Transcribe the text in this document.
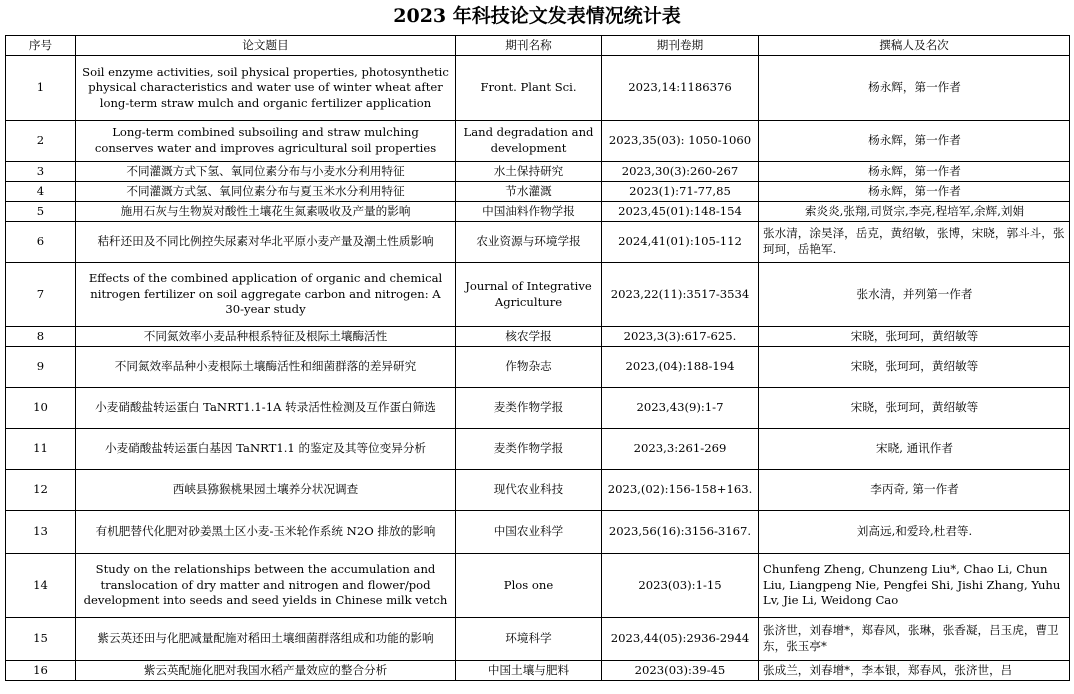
2023 年科技论文发表情况统计表
序号	论文题目	期刊名称	期刊卷期	撰稿人及名次
1	Soil enzyme activities, soil physical properties, photosynthetic physical characteristics and water use of winter wheat after long-term straw mulch and organic fertilizer application	Front. Plant Sci.	2023,14:1186376	杨永辉，第一作者
2	Long-term combined subsoiling and straw mulching conserves water and improves agricultural soil properties	Land degradation and development	2023,35(03): 1050-1060	杨永辉，第一作者
3	不同灌溉方式下氢、氧同位素分布与小麦水分利用特征	水土保持研究	2023,30(3):260-267	杨永辉，第一作者
4	不同灌溉方式氢、氧同位素分布与夏玉米水分利用特征	节水灌溉	2023(1):71-77,85	杨永辉，第一作者
5	施用石灰与生物炭对酸性土壤花生氮素吸收及产量的影响	中国油料作物学报	2023,45(01):148-154	索炎炎,张翔,司贤宗,李亮,程培军,余辉,刘娟
6	秸秆还田及不同比例控失尿素对华北平原小麦产量及潮土性质影响	农业资源与环境学报	2024,41(01):105-112	张水清，涂昊泽，岳克，黄绍敏，张博，宋晓，郭斗斗，张珂珂，岳艳军.
7	Effects of the combined application of organic and chemical nitrogen fertilizer on soil aggregate carbon and nitrogen: A 30-year study	Journal of Integrative Agriculture	2023,22(11):3517-3534	张水清，并列第一作者
8	不同氮效率小麦品种根系特征及根际土壤酶活性	核农学报	2023,3(3):617-625.	宋晓，张珂珂，黄绍敏等
9	不同氮效率品种小麦根际土壤酶活性和细菌群落的差异研究	作物杂志	2023,(04):188-194	宋晓，张珂珂，黄绍敏等
10	小麦硝酸盐转运蛋白 TaNRT1.1-1A 转录活性检测及互作蛋白筛选	麦类作物学报	2023,43(9):1-7	宋晓，张珂珂，黄绍敏等
11	小麦硝酸盐转运蛋白基因 TaNRT1.1 的鉴定及其等位变异分析	麦类作物学报	2023,3:261-269	宋晓, 通讯作者
12	西峡县猕猴桃果园土壤养分状况调查	现代农业科技	2023,(02):156-158+163.	李丙奇, 第一作者
13	有机肥替代化肥对砂姜黑土区小麦-玉米轮作系统 N2O 排放的影响	中国农业科学	2023,56(16):3156-3167.	刘高远,和爱玲,杜君等.
14	Study on the relationships between the accumulation and translocation of dry matter and nitrogen and flower/pod development into seeds and seed yields in Chinese milk vetch	Plos one	2023(03):1-15	Chunfeng Zheng, Chunzeng Liu*, Chao Li, Chun Liu, Liangpeng Nie, Pengfei Shi, Jishi Zhang, Yuhu Lv, Jie Li, Weidong Cao
15	紫云英还田与化肥减量配施对稻田土壤细菌群落组成和功能的影响	环境科学	2023,44(05):2936-2944	张济世，刘春增*，郑春风，张琳，张香凝，吕玉虎，曹卫东，张玉亭*
16	紫云英配施化肥对我国水稻产量效应的整合分析	中国土壤与肥料	2023(03):39-45	张成兰，刘春增*，李本银，郑春风，张济世，吕
